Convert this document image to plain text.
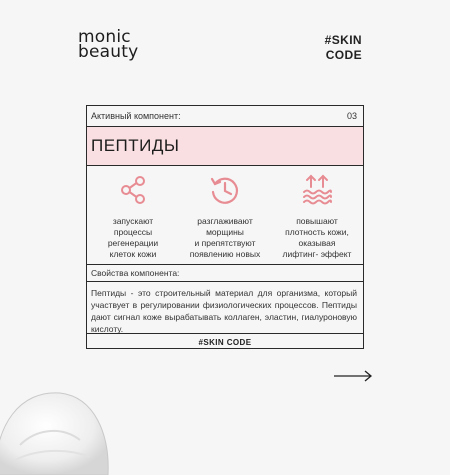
monic
beauty
#SKIN
CODE
Активный компонент:	03
ПЕПТИДЫ
запускают
процессы
регенерации
клеток кожи
разглаживают
морщины
и препятствуют
появлению новых
повышают
плотность кожи,
оказывая
лифтинг- эффект
Свойства компонента:
Пептиды - это строительный материал для организма, который участвует в регулировании физиологических процессов. Пептиды дают сигнал коже вырабатывать коллаген, эластин, гиалуроновую кислоту.
#SKIN CODE
